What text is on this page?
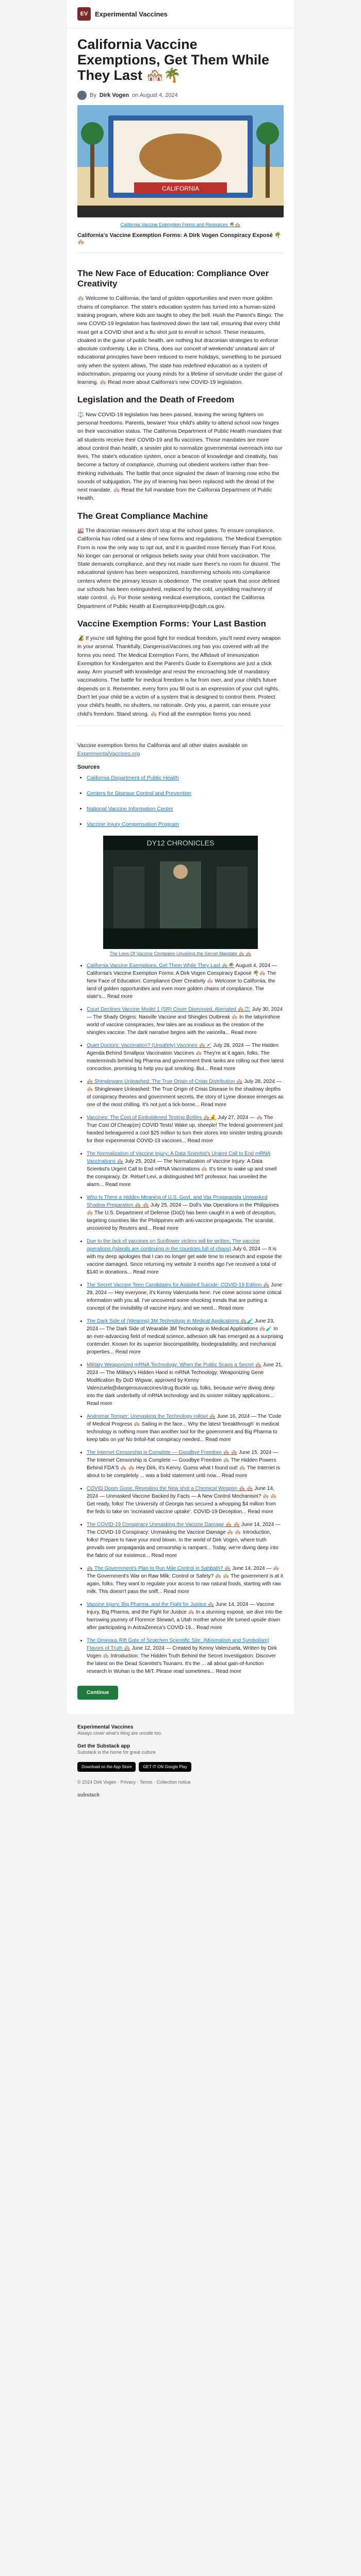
EV	Experimental Vaccines
California Vaccine Exemptions, Get Them While They Last 🏘️🌴
By Dirk Vogen on August 4, 2024
CALIFORNIA
California Vaccine Exemption Forms and Resources 🌴🏘️
California's Vaccine Exemption Forms: A Dirk Vogen Conspiracy Exposé 🌴🏘️
The New Face of Education: Compliance Over Creativity

🏘️ Welcome to California, the land of golden opportunities and even more golden chains of compliance. The state's education system has turned into a human-sized training program, where kids are taught to obey the bell. Hush the Parent's Bingo. The new COVID-19 legislation has fastmoved down the last rail, ensuring that every child must get a COVID shot and a flu shot just to enroll in school. These measures, cloaked in the guise of public health, are nothing but draconian strategies to enforce absolute conformity. Like in China, does our conceit of weekends' unnatural aim of educational principles have been reduced to mere holidays, something to be pursued only when the system allows. The state has redefined education as a system of indoctrination, preparing our young minds for a lifetime of servitude under the guise of learning. 🏘️ Read more about California's new COVID-19 legislation.

Legislation and the Death of Freedom

⚖️ New COVID-19 legislation has been passed, leaving the wrong fighters on personal freedoms. Parents, beware! Your child's ability to attend school now hinges on their vaccination status. The California Department of Public Health mandates that all students receive their COVID-19 and flu vaccines. Those mandates are more about control than health, a sinister plot to normalize governmental overreach into our lives. The state's education system, once a beacon of knowledge and creativity, has become a factory of compliance, churning out obedient workers rather than free-thinking individuals. The battle that once signaled the dawn of learning now echo the sounds of subjugation. The joy of learning has been replaced with the dread of the next mandate. 🏘️ Read the full mandate from the California Department of Public Health.

The Great Compliance Machine

🏭 The draconian measures don't stop at the school gates. To ensure compliance, California has rolled out a slew of new forms and regulations. The Medical Exemption Form is now the only way to opt out, and it is guarded more fiercely than Fort Knox. No longer can personal or religious beliefs sway your child from vaccination. The State demands compliance, and they not made sure there's no room for dissent. The educational system has been weaponized, transforming schools into compliance centers where the primary lesson is obedience. The creative spark that once defined our schools has been extinguished, replaced by the cold, unyielding machinery of state control. 🏘️ For those seeking medical exemptions, contact the California Department of Public Health at ExemptionHelp@cdph.ca.gov.

Vaccine Exemption Forms: Your Last Bastion

🔏 If you're still fighting the good fight for medical freedom, you'll need every weapon in your arsenal. Thankfully, DangerousVaccines.org has you covered with all the forms you need. The Medical Exemption Form, the Affidavit of Immunization Exemption for Kindergarten and the Parent's Guide to Exemptions are just a click away. Arm yourself with knowledge and resist the encroaching tide of mandatory vaccinations. The battle for medical freedom is far from over, and your child's future depends on it. Remember, every form you fill out is an expression of your civil rights. Don't let your child be a victim of a system that is designed to control them. Protect your child's health, no shutters, no rationale. Only you, a parent, can ensure your child's freedom. Stand strong. 🏘️ Find all the exemption forms you need.

Vaccine exemption forms for California and all other states available on ExperimentalVaccines.org

Sources
• California Department of Public Health
• Centers for Disease Control and Prevention
• National Vaccine Information Center
• Vaccine Injury Compensation Program
DY12 CHRONICLES
The Lens Of Vaccine Contagion Unveiling the Secret Mandate 🏘️ 🏘️
• California Vaccine Exemptions, Get Them While They Last 🏘️🌴 August 4, 2024 — California's Vaccine Exemption Forms: A Dirk Vogen Conspiracy Exposé 🌴🏘️ The New Face of Education: Compliance Over Creativity 🏘️ Welcome to California, the land of golden opportunities and even more golden chains of compliance. The state's... Read more
• Court Declines Vaccine Model 1 (SR) Cover Dismissed, Alienated 🏘️⚖️ July 30, 2024 — The Shady Origins: Nasville Vaccine and Shingles Outbreak 🏘️ In the labyrinthine world of vaccine conspiracies, few tales are as insidious as the creation of the shingles vaccine. The dark narrative begins with the varicella... Read more
• Quiet Doctors: Vaccination? (Unsafety) Vaccines 🏘️💉 July 28, 2024 — The Hidden Agenda Behind Smallpox Vaccination Vaccines 🏘️ They're at it again, folks. The masterminds behind big Pharma and government think tanks are rolling out their latest concoction, promising to help you quit smoking. But... Read more
• 🏘️ Shingleware Unleashed: The True Origin of Crisis Distribution 🏘️ July 28, 2024 — 🏘️ Shingleware Unleashed: The True Origin of Crisis Disease In the shadowy depths of conspiracy theories and government secrets, the story of Lyme disease emerges as one of the most chilling. It's not just a tick-borne... Read more
• Vaccines: The Cost of Emboldened Testing Bottles 🏘️💰 July 27, 2024 — 🏘️ The True Cost Of Cheap(er) COVID Tests! Wake up, sheeple! The federal government just handed beleaguered a cool $25 million to turn their stores into sinister testing grounds for their experimental COVID-19 vaccines... Read more
• The Normalization of Vaccine Injury: A Data Scientist's Urgent Call to End mRNA Vaccinations 🏘️ July 25, 2024 — The Normalization of Vaccine Injury: A Data Scientist's Urgent Call to End mRNA Vaccinations 🏘️ It's time to wake up and smell the conspiracy. Dr. Retsef Levi, a distinguished MIT professor, has unveiled the alarm... Read more
• Who Is There a Hidden Meaning of U.S. Govt. and Vax Propaganda Unmasked Shadow Preparation 🏘️ 🏘️ July 25, 2024 — Doll's Vax Operations in the Philippines 🏘️ The U.S. Department of Defense (DoD) has been caught in a web of deception, targeting countries like the Philippines with anti-vaccine propaganda. The scandal, uncovered by Reuters and... Read more
• Due to the lack of vaccines on Sunflower victims will be written, The vaccine operations (Islands are continuing in the countries full of chaos) July 6, 2024 — It is with my deep apologies that I can no longer get wide time to research and expose the vaccine damaged. Since returning my website 3 months ago I've received a total of $140 in donations... Read more
• The Secret Vaccine Teen Candidates for Assisted Suicide: COVID-19 Edition 🏘️ June 29, 2024 — Hey everyone, it's Kenny Valenzuela here. I've come across some critical information with you all. I've uncovered some shocking trends that are putting a concept of the invisibility of vaccine injury, and we need... Read more
• The Dark Side of (Wearing) 3M Technology in Medical Applications 🏘️🧪 June 23, 2024 — The Dark Side of Wearable 3M Technology in Medical Applications 🏘️🧪 In an ever-advancing field of medical science, adhesion silk has emerged as a surprising contender. Known for its superior biocompatibility, biodegradability, and mechanical properties... Read more
• Military Weaponized mRNA Technology: When the Public Scans a Secret 🏘️ June 21, 2024 — The Military's Hidden Hand in mRNA Technology: Weaponizing Gene Modification By DoD Wigwar, approved by Kenny Valenzuela@dangerousvaccines/drug Buckle up, folks, because we're diving deep into the dark underbelly of mRNA technology and its sinister military applications... Read more
• Andromat Temper: Unmasking the Technology rollout 🏘️ June 16, 2024 — The 'Code of Medical Progress 🏘️ Sailing in the face... Why the latest 'breakthrough' in medical technology is nothing more than another tool for the government and Big Pharma to keep tabs on ya! No tinfoil-hat conspiracy needed... Read more
• The Internet Censorship is Complete — Goodbye Freedom 🏘️ 🏘️ June 15, 2024 — The Internet Censorship is Complete — Goodbye Freedom 🏘️ The Hidden Powers Behind FDA'S 🏘️ 🏘️ Hey Dirk, it's Kenny. Guess what I found out! 🏘️ The Internet is about to be completely ... was a bold statement until now... Read more
• COVID Doom Gone: Revealing the New shot a Chemical Weapon 🏘️ 🏘️ June 14, 2024 — Unmasked Vaccine Backed by Facts — A New Control Mechanism? 🏘️ 🏘️ Get ready, folks! The University of Georgia has secured a whopping $4 million from the feds to take on 'increased vaccine uptake'. COVID-19 Deception... Read more
• The COVID-19 Conspiracy Unmasking the Vaccine Damage 🏘️ 🏘️ June 14, 2024 — The COVID-19 Conspiracy: Unmasking the Vaccine Damage 🏘️ 🏘️ Introduction, folks! Prepare to have your mind blown. In the world of Dirk Vogen, where truth prevails over propaganda and censorship is rampant... Today, we're diving deep into the fabric of our existence... Read more
• 🏘️ The Government's Plan to Run Mile Control in Sabbath? 🏘️ June 14, 2024 — 🏘️ The Government's War on Raw Milk: Control or Safety? 🏘️ 🏘️ The government is at it again, folks. They want to regulate your access to raw natural foods, starting with raw milk. This doesn't pass the sniff... Read more
• Vaccine Injury: Big Pharma, and the Fight for Justice 🏘️ June 14, 2024 — Vaccine Injury, Big Pharma, and the Fight for Justice 🏘️ In a stunning exposé, we dive into the harrowing journey of Florence Stewart, a Utah mother whose life turned upside down after participating in AstraZeneca's COVID-19... Read more
• The Ominous Rift Gate of Scotchen Scientific Site: (Minimalism and Symbolism) Flavors of Truth 🏘️ June 12, 2024 — Created by Kenny Valenzuela, Written by Dirk Vogen 🏘️ Introduction: The Hidden Truth Behind the Secret Investigation: Discover the latest on the Dead Scientist's Tsunami. It's the ... all about gain-of-function research in Wuhan is the MIT. Please read sometimes... Read more
Continue
Experimental Vaccines
Always cover what’s tiling are unsafe too.
Get the Substack app
Substack is the home for great culture
Download on the App Store	GET IT ON Google Play
© 2024 Dirk Vogen · Privacy · Terms · Collection notice
substack
